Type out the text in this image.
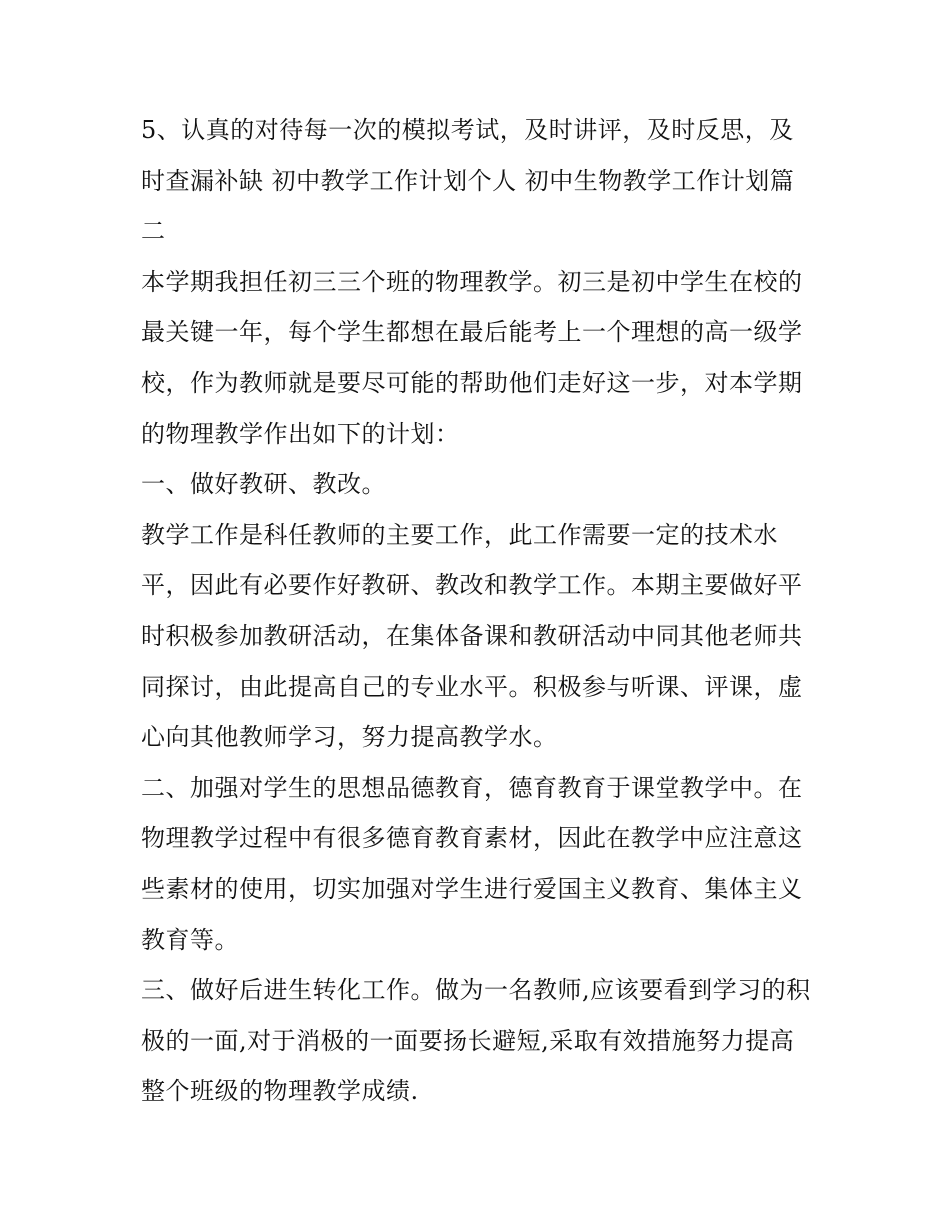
5、认真的对待每一次的模拟考试，及时讲评，及时反思，及时查漏补缺 初中教学工作计划个人 初中生物教学工作计划篇二

本学期我担任初三三个班的物理教学。初三是初中学生在校的最关键一年，每个学生都想在最后能考上一个理想的高一级学校，作为教师就是要尽可能的帮助他们走好这一步，对本学期的物理教学作出如下的计划：

一、做好教研、教改。

教学工作是科任教师的主要工作，此工作需要一定的技术水平，因此有必要作好教研、教改和教学工作。本期主要做好平时积极参加教研活动，在集体备课和教研活动中同其他老师共同探讨，由此提高自己的专业水平。积极参与听课、评课，虚心向其他教师学习，努力提高教学水。

二、加强对学生的思想品德教育，德育教育于课堂教学中。在物理教学过程中有很多德育教育素材，因此在教学中应注意这些素材的使用，切实加强对学生进行爱国主义教育、集体主义教育等。

三、做好后进生转化工作。做为一名教师,应该要看到学习的积极的一面,对于消极的一面要扬长避短,采取有效措施努力提高整个班级的物理教学成绩.
